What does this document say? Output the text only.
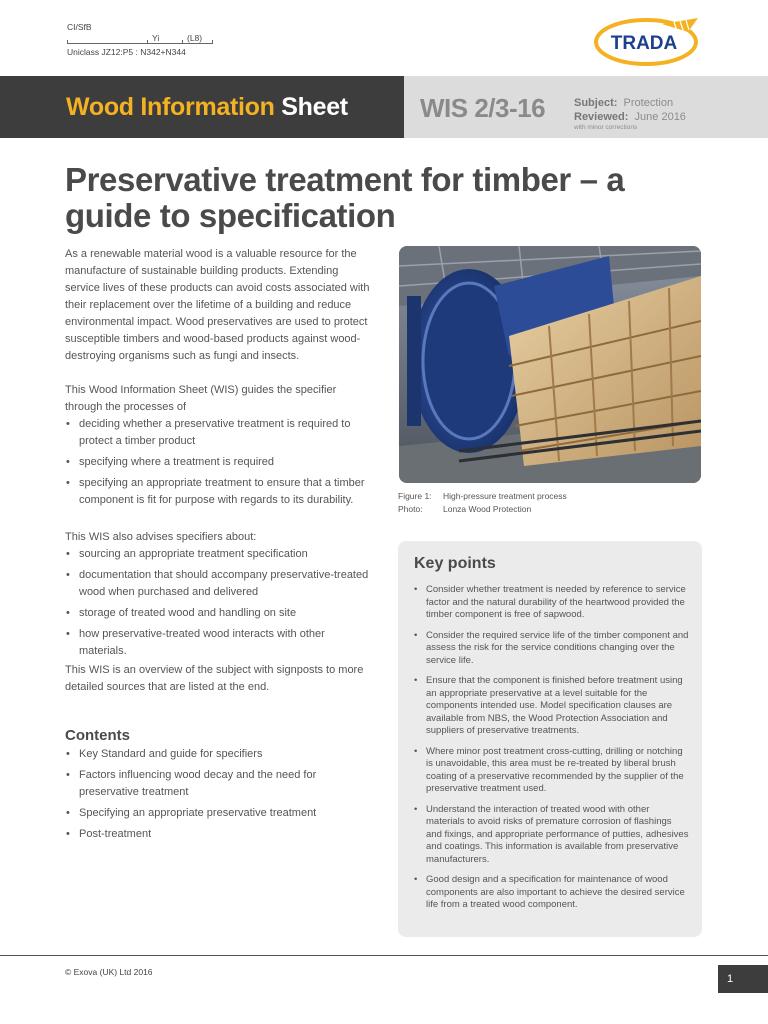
CI/SfB
Yi	(L8)
Uniclass JZ12:P5 : N342+N344	TRADA
Wood Information Sheet	WIS 2/3-16	Subject: Protection
Reviewed: June 2016
with minor corrections
Preservative treatment for timber – a guide to specification

As a renewable material wood is a valuable resource for the manufacture of sustainable building products. Extending service lives of these products can avoid costs associated with their replacement over the lifetime of a building and reduce environmental impact. Wood preservatives are used to protect susceptible timbers and wood-based products against wood-destroying organisms such as fungi and insects.

This Wood Information Sheet (WIS) guides the specifier through the processes of

• deciding whether a preservative treatment is required to protect a timber product
• specifying where a treatment is required
• specifying an appropriate treatment to ensure that a timber component is fit for purpose with regards to its durability.

This WIS also advises specifiers about:

• sourcing an appropriate treatment specification
• documentation that should accompany preservative-treated wood when purchased and delivered
• storage of treated wood and handling on site
• how preservative-treated wood interacts with other materials.

This WIS is an overview of the subject with signposts to more detailed sources that are listed at the end.

Contents
• Key Standard and guide for specifiers
• Factors influencing wood decay and the need for preservative treatment
• Specifying an appropriate preservative treatment
• Post-treatment
Figure 1: High-pressure treatment process
Photo: Lonza Wood Protection
Key points
• Consider whether treatment is needed by reference to service factor and the natural durability of the heartwood provided the timber component is free of sapwood.
• Consider the required service life of the timber component and assess the risk for the service conditions changing over the service life.
• Ensure that the component is finished before treatment using an appropriate preservative at a level suitable for the components intended use. Model specification clauses are available from NBS, the Wood Protection Association and suppliers of preservative treatments.
• Where minor post treatment cross-cutting, drilling or notching is unavoidable, this area must be re-treated by liberal brush coating of a preservative recommended by the supplier of the preservative treatment used.
• Understand the interaction of treated wood with other materials to avoid risks of premature corrosion of flashings and fixings, and appropriate performance of putties, adhesives and coatings. This information is available from preservative manufacturers.
• Good design and a specification for maintenance of wood components are also important to achieve the desired service life from a treated wood component.
© Exova (UK) Ltd 2016
1
